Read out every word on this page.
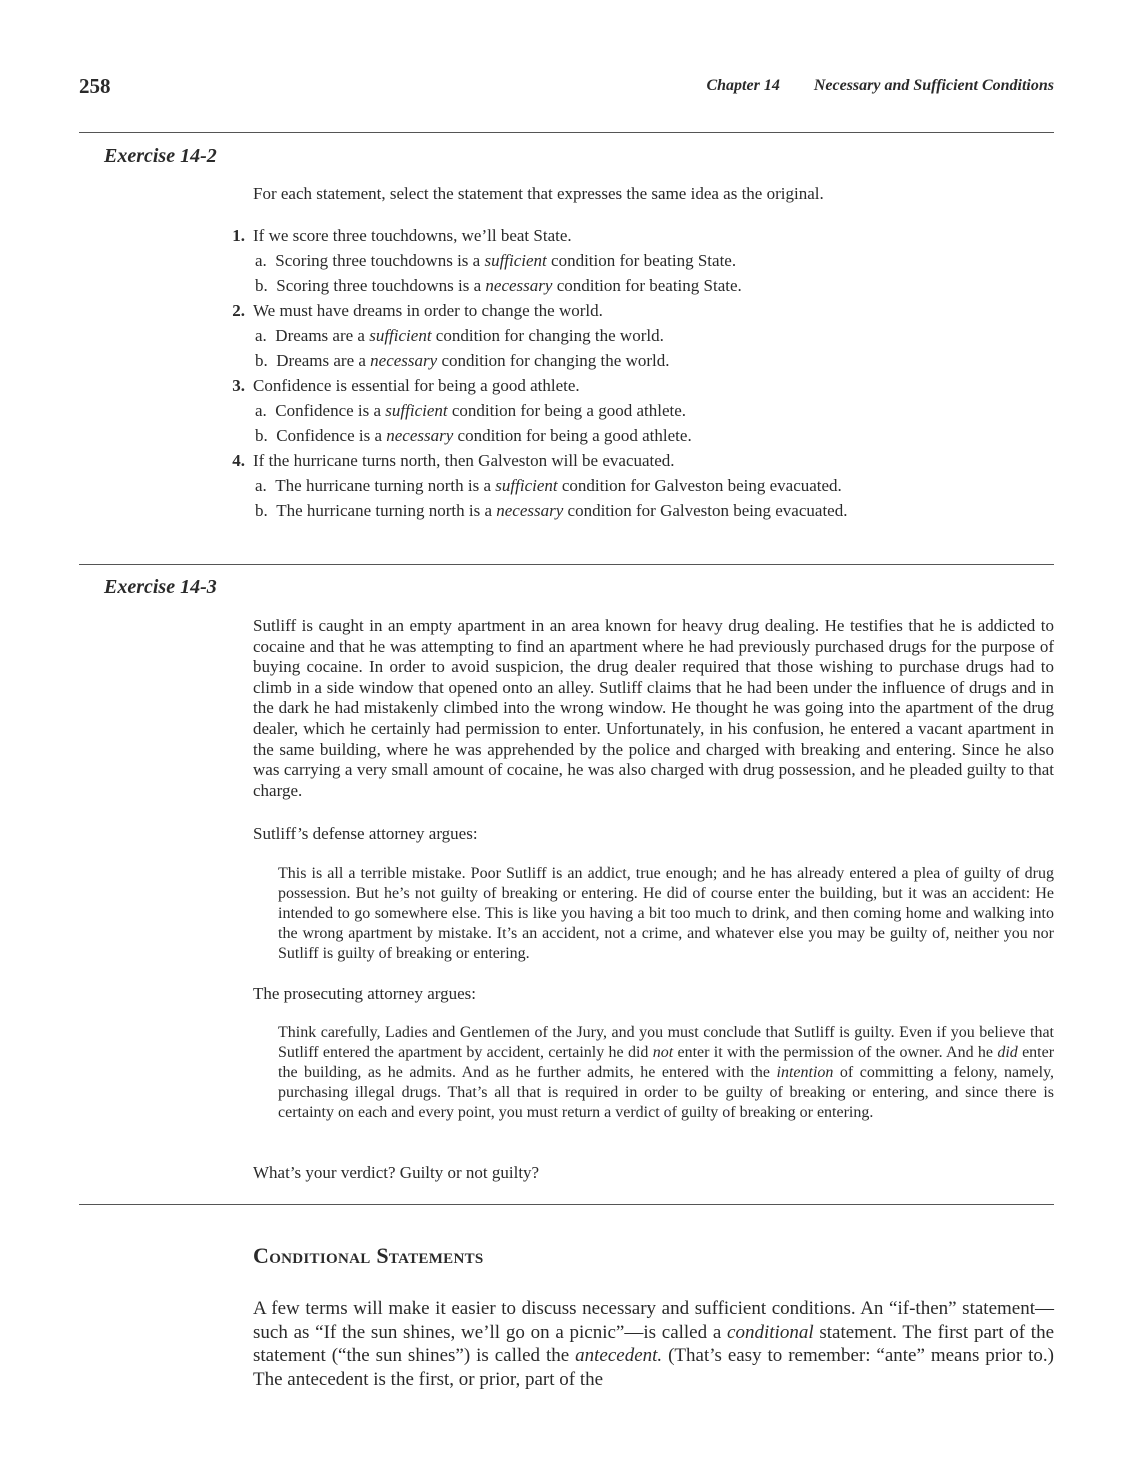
258	Chapter 14 Necessary and Sufficient Conditions
Exercise 14-2

For each statement, select the statement that expresses the same idea as the original.

1. If we score three touchdowns, we’ll beat State.
a. Scoring three touchdowns is a sufficient condition for beating State.
b. Scoring three touchdowns is a necessary condition for beating State.
2. We must have dreams in order to change the world.
a. Dreams are a sufficient condition for changing the world.
b. Dreams are a necessary condition for changing the world.
3. Confidence is essential for being a good athlete.
a. Confidence is a sufficient condition for being a good athlete.
b. Confidence is a necessary condition for being a good athlete.
4. If the hurricane turns north, then Galveston will be evacuated.
a. The hurricane turning north is a sufficient condition for Galveston being evacuated.
b. The hurricane turning north is a necessary condition for Galveston being evacuated.
Exercise 14-3

Sutliff is caught in an empty apartment in an area known for heavy drug dealing. He testifies that he is addicted to cocaine and that he was attempting to find an apartment where he had previously purchased drugs for the purpose of buying cocaine. In order to avoid suspicion, the drug dealer required that those wishing to purchase drugs had to climb in a side window that opened onto an alley. Sutliff claims that he had been under the influence of drugs and in the dark he had mistakenly climbed into the wrong window. He thought he was going into the apartment of the drug dealer, which he certainly had permission to enter. Unfortunately, in his confusion, he entered a vacant apartment in the same building, where he was apprehended by the police and charged with breaking and entering. Since he also was carrying a very small amount of cocaine, he was also charged with drug possession, and he pleaded guilty to that charge.

Sutliff’s defense attorney argues:

This is all a terrible mistake. Poor Sutliff is an addict, true enough; and he has already entered a plea of guilty of drug possession. But he’s not guilty of breaking or entering. He did of course enter the building, but it was an accident: He intended to go somewhere else. This is like you having a bit too much to drink, and then coming home and walking into the wrong apartment by mistake. It’s an accident, not a crime, and whatever else you may be guilty of, neither you nor Sutliff is guilty of breaking or entering.

The prosecuting attorney argues:

Think carefully, Ladies and Gentlemen of the Jury, and you must conclude that Sutliff is guilty. Even if you believe that Sutliff entered the apartment by accident, certainly he did not enter it with the permission of the owner. And he did enter the building, as he admits. And as he further admits, he entered with the intention of committing a felony, namely, purchasing illegal drugs. That’s all that is required in order to be guilty of breaking or entering, and since there is certainty on each and every point, you must return a verdict of guilty of breaking or entering.

What’s your verdict? Guilty or not guilty?
Conditional Statements

A few terms will make it easier to discuss necessary and sufficient conditions. An “if-then” statement—such as “If the sun shines, we’ll go on a picnic”—is called a conditional statement. The first part of the statement (“the sun shines”) is called the antecedent. (That’s easy to remember: “ante” means prior to.) The antecedent is the first, or prior, part of the
